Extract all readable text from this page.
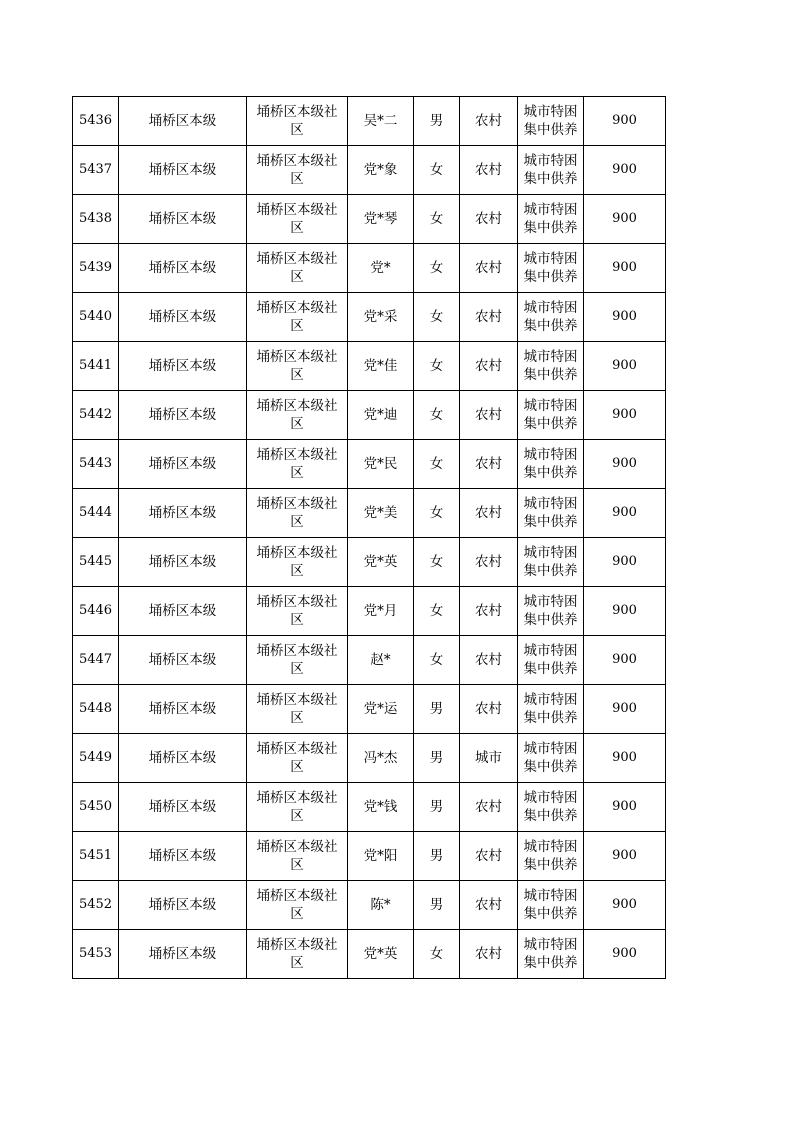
5436	埇桥区本级	埇桥区本级社区	吴*二	男	农村	城市特困集中供养	900
5437	埇桥区本级	埇桥区本级社区	党*象	女	农村	城市特困集中供养	900
5438	埇桥区本级	埇桥区本级社区	党*琴	女	农村	城市特困集中供养	900
5439	埇桥区本级	埇桥区本级社区	党*	女	农村	城市特困集中供养	900
5440	埇桥区本级	埇桥区本级社区	党*采	女	农村	城市特困集中供养	900
5441	埇桥区本级	埇桥区本级社区	党*佳	女	农村	城市特困集中供养	900
5442	埇桥区本级	埇桥区本级社区	党*迪	女	农村	城市特困集中供养	900
5443	埇桥区本级	埇桥区本级社区	党*民	女	农村	城市特困集中供养	900
5444	埇桥区本级	埇桥区本级社区	党*美	女	农村	城市特困集中供养	900
5445	埇桥区本级	埇桥区本级社区	党*英	女	农村	城市特困集中供养	900
5446	埇桥区本级	埇桥区本级社区	党*月	女	农村	城市特困集中供养	900
5447	埇桥区本级	埇桥区本级社区	赵*	女	农村	城市特困集中供养	900
5448	埇桥区本级	埇桥区本级社区	党*运	男	农村	城市特困集中供养	900
5449	埇桥区本级	埇桥区本级社区	冯*杰	男	城市	城市特困集中供养	900
5450	埇桥区本级	埇桥区本级社区	党*钱	男	农村	城市特困集中供养	900
5451	埇桥区本级	埇桥区本级社区	党*阳	男	农村	城市特困集中供养	900
5452	埇桥区本级	埇桥区本级社区	陈*	男	农村	城市特困集中供养	900
5453	埇桥区本级	埇桥区本级社区	党*英	女	农村	城市特困集中供养	900
